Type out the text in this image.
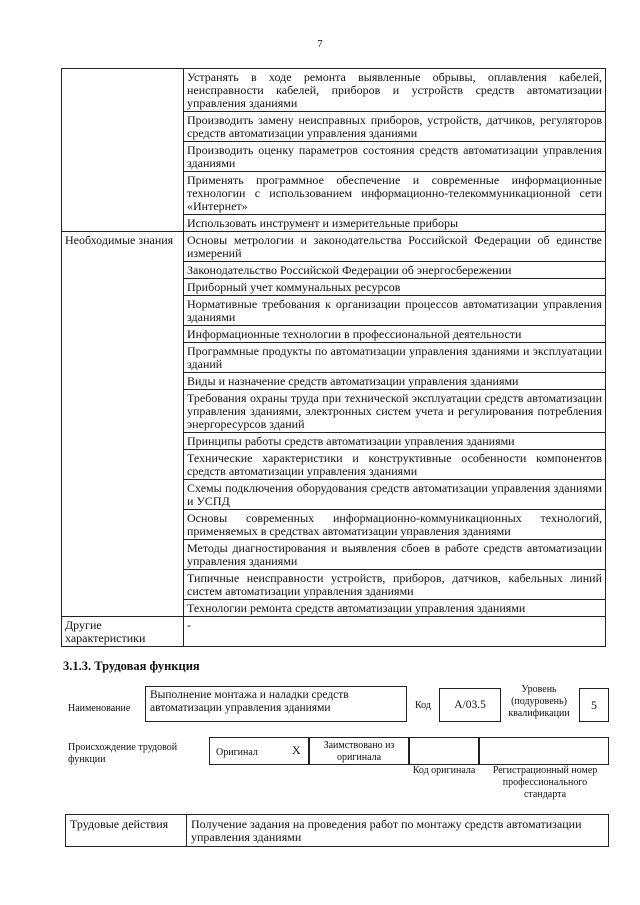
7
	Устранять в ходе ремонта выявленные обрывы, оплавления кабелей, неисправности кабелей, приборов и устройств средств автоматизации управления зданиями
	Производить замену неисправных приборов, устройств, датчиков, регуляторов средств автоматизации управления зданиями
	Производить оценку параметров состояния средств автоматизации управления зданиями
	Применять программное обеспечение и современные информационные технологии с использованием информационно-телекоммуникационной сети «Интернет»
	Использовать инструмент и измерительные приборы
Необходимые знания	Основы метрологии и законодательства Российской Федерации об единстве измерений
	Законодательство Российской Федерации об энергосбережении
	Приборный учет коммунальных ресурсов
	Нормативные требования к организации процессов автоматизации управления зданиями
	Информационные технологии в профессиональной деятельности
	Программные продукты по автоматизации управления зданиями и эксплуатации зданий
	Виды и назначение средств автоматизации управления зданиями
	Требования охраны труда при технической эксплуатации средств автоматизации управления зданиями, электронных систем учета и регулирования потребления энергоресурсов зданий
	Принципы работы средств автоматизации управления зданиями
	Технические характеристики и конструктивные особенности компонентов средств автоматизации управления зданиями
	Схемы подключения оборудования средств автоматизации управления зданиями и УСПД
	Основы современных информационно-коммуникационных технологий, применяемых в средствах автоматизации управления зданиями
	Методы диагностирования и выявления сбоев в работе средств автоматизации управления зданиями
	Типичные неисправности устройств, приборов, датчиков, кабельных линий систем автоматизации управления зданиями
	Технологии ремонта средств автоматизации управления зданиями
Другие характеристики	-
3.1.3. Трудовая функция
Наименование
Выполнение монтажа и наладки средств автоматизации управления зданиями	Код	А/03.5
Уровень (подуровень) квалификации
5
Происхождение трудовой функции
Оригинал	X	Заимствовано из оригинала
Код оригинала	Регистрационный номер профессионального стандарта
Трудовые действия	Получение задания на проведения работ по монтажу средств автоматизации управления зданиями
